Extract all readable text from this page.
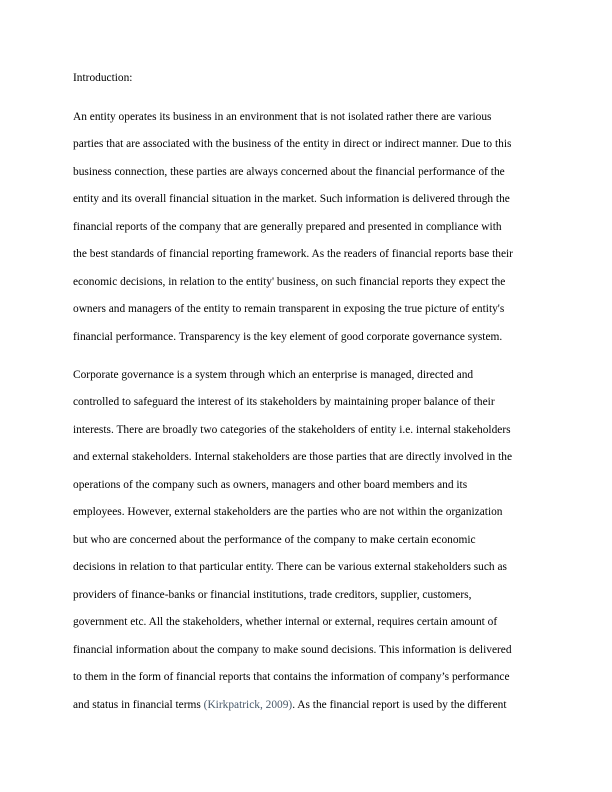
Introduction:

An entity operates its business in an environment that is not isolated rather there are various

parties that are associated with the business of the entity in direct or indirect manner. Due to this

business connection, these parties are always concerned about the financial performance of the

entity and its overall financial situation in the market. Such information is delivered through the

financial reports of the company that are generally prepared and presented in compliance with

the best standards of financial reporting framework. As the readers of financial reports base their

economic decisions, in relation to the entity' business, on such financial reports they expect the

owners and managers of the entity to remain transparent in exposing the true picture of entity's

financial performance. Transparency is the key element of good corporate governance system.

Corporate governance is a system through which an enterprise is managed, directed and

controlled to safeguard the interest of its stakeholders by maintaining proper balance of their

interests. There are broadly two categories of the stakeholders of entity i.e. internal stakeholders

and external stakeholders. Internal stakeholders are those parties that are directly involved in the

operations of the company such as owners, managers and other board members and its

employees. However, external stakeholders are the parties who are not within the organization

but who are concerned about the performance of the company to make certain economic

decisions in relation to that particular entity. There can be various external stakeholders such as

providers of finance-banks or financial institutions, trade creditors, supplier, customers,

government etc. All the stakeholders, whether internal or external, requires certain amount of

financial information about the company to make sound decisions. This information is delivered

to them in the form of financial reports that contains the information of company’s performance

and status in financial terms (Kirkpatrick, 2009). As the financial report is used by the different
